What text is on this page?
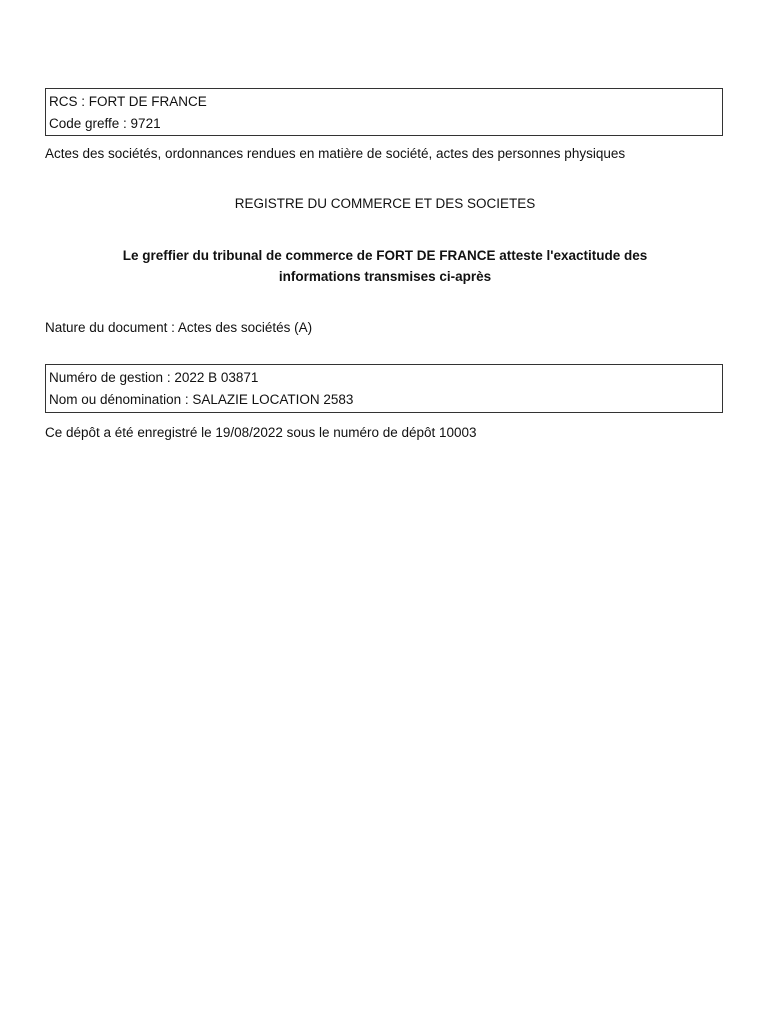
RCS : FORT DE FRANCE
Code greffe : 9721
Actes des sociétés, ordonnances rendues en matière de société, actes des personnes physiques
REGISTRE DU COMMERCE ET DES SOCIETES
Le greffier du tribunal de commerce de FORT DE FRANCE atteste l'exactitude des
informations transmises ci-après
Nature du document : Actes des sociétés (A)
Numéro de gestion : 2022 B 03871
Nom ou dénomination : SALAZIE LOCATION 2583
Ce dépôt a été enregistré le 19/08/2022 sous le numéro de dépôt 10003
